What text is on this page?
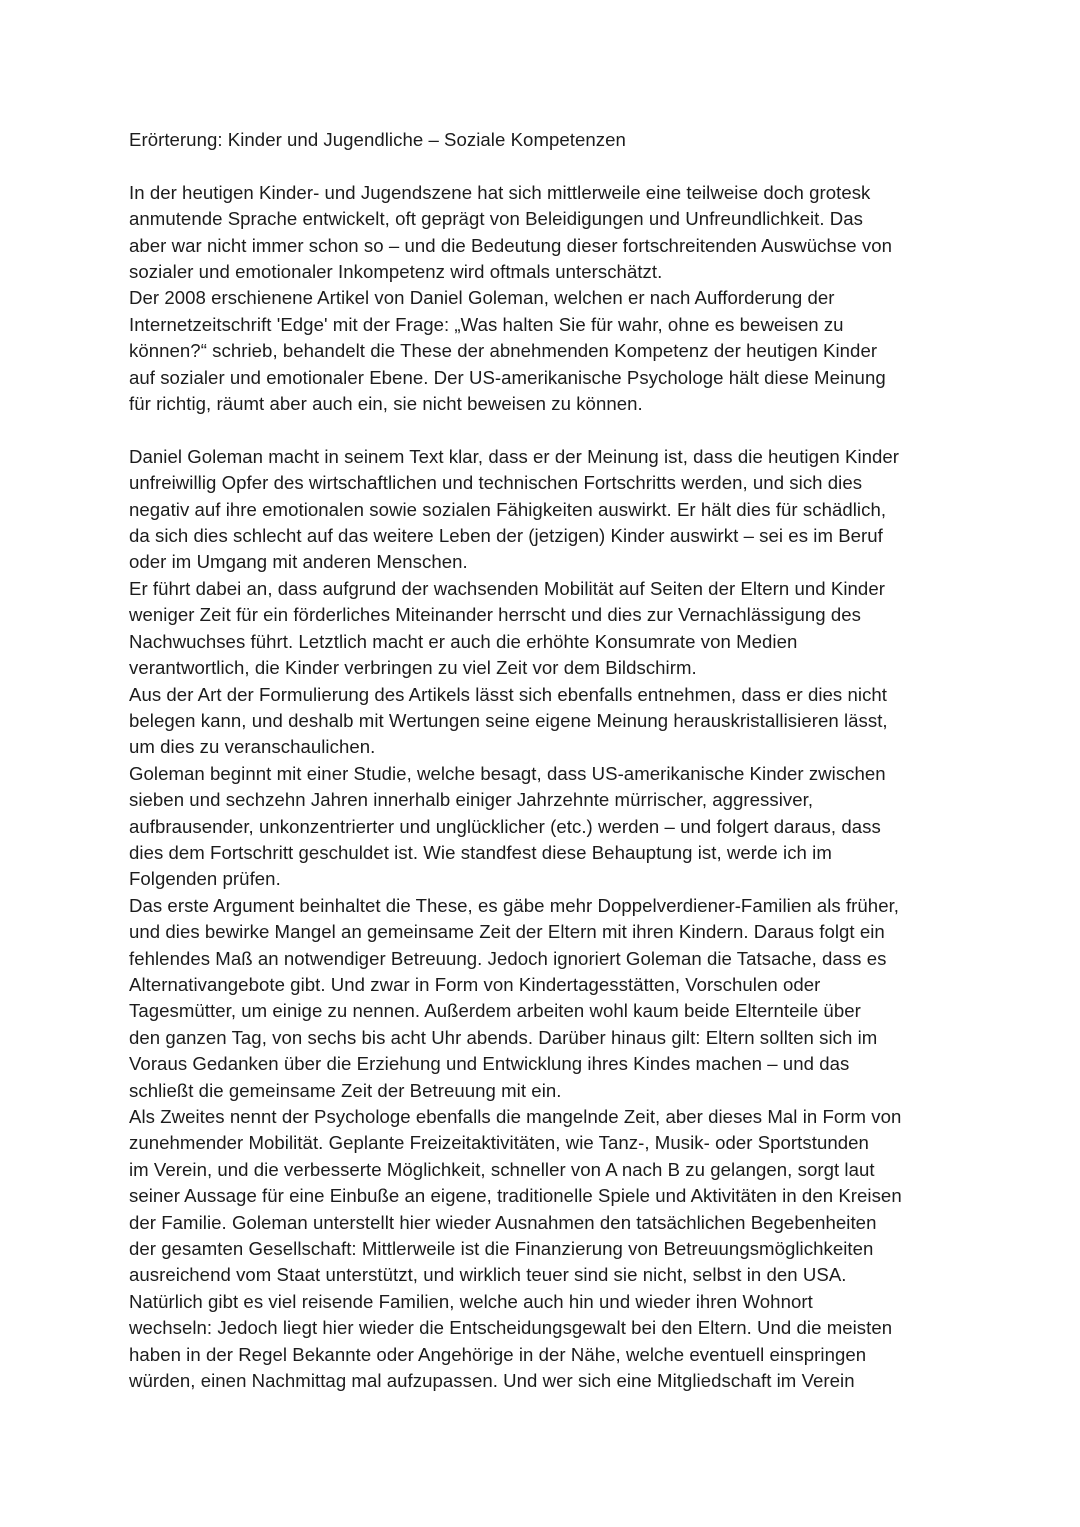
Erörterung: Kinder und Jugendliche – Soziale Kompetenzen
In der heutigen Kinder- und Jugendszene hat sich mittlerweile eine teilweise doch grotesk
anmutende Sprache entwickelt, oft geprägt von Beleidigungen und Unfreundlichkeit. Das
aber war nicht immer schon so – und die Bedeutung dieser fortschreitenden Auswüchse von
sozialer und emotionaler Inkompetenz wird oftmals unterschätzt.
Der 2008 erschienene Artikel von Daniel Goleman, welchen er nach Aufforderung der
Internetzeitschrift 'Edge' mit der Frage: „Was halten Sie für wahr, ohne es beweisen zu
können?“ schrieb, behandelt die These der abnehmenden Kompetenz der heutigen Kinder
auf sozialer und emotionaler Ebene. Der US-amerikanische Psychologe hält diese Meinung
für richtig, räumt aber auch ein, sie nicht beweisen zu können.
Daniel Goleman macht in seinem Text klar, dass er der Meinung ist, dass die heutigen Kinder
unfreiwillig Opfer des wirtschaftlichen und technischen Fortschritts werden, und sich dies
negativ auf ihre emotionalen sowie sozialen Fähigkeiten auswirkt. Er hält dies für schädlich,
da sich dies schlecht auf das weitere Leben der (jetzigen) Kinder auswirkt – sei es im Beruf
oder im Umgang mit anderen Menschen.
Er führt dabei an, dass aufgrund der wachsenden Mobilität auf Seiten der Eltern und Kinder
weniger Zeit für ein förderliches Miteinander herrscht und dies zur Vernachlässigung des
Nachwuchses führt. Letztlich macht er auch die erhöhte Konsumrate von Medien
verantwortlich, die Kinder verbringen zu viel Zeit vor dem Bildschirm.
Aus der Art der Formulierung des Artikels lässt sich ebenfalls entnehmen, dass er dies nicht
belegen kann, und deshalb mit Wertungen seine eigene Meinung herauskristallisieren lässt,
um dies zu veranschaulichen.
Goleman beginnt mit einer Studie, welche besagt, dass US-amerikanische Kinder zwischen
sieben und sechzehn Jahren innerhalb einiger Jahrzehnte mürrischer, aggressiver,
aufbrausender, unkonzentrierter und unglücklicher (etc.) werden – und folgert daraus, dass
dies dem Fortschritt geschuldet ist. Wie standfest diese Behauptung ist, werde ich im
Folgenden prüfen.
Das erste Argument beinhaltet die These, es gäbe mehr Doppelverdiener-Familien als früher,
und dies bewirke Mangel an gemeinsame Zeit der Eltern mit ihren Kindern. Daraus folgt ein
fehlendes Maß an notwendiger Betreuung. Jedoch ignoriert Goleman die Tatsache, dass es
Alternativangebote gibt. Und zwar in Form von Kindertagesstätten, Vorschulen oder
Tagesmütter, um einige zu nennen. Außerdem arbeiten wohl kaum beide Elternteile über
den ganzen Tag, von sechs bis acht Uhr abends. Darüber hinaus gilt: Eltern sollten sich im
Voraus Gedanken über die Erziehung und Entwicklung ihres Kindes machen – und das
schließt die gemeinsame Zeit der Betreuung mit ein.
Als Zweites nennt der Psychologe ebenfalls die mangelnde Zeit, aber dieses Mal in Form von
zunehmender Mobilität. Geplante Freizeitaktivitäten, wie Tanz-, Musik- oder Sportstunden
im Verein, und die verbesserte Möglichkeit, schneller von A nach B zu gelangen, sorgt laut
seiner Aussage für eine Einbuße an eigene, traditionelle Spiele und Aktivitäten in den Kreisen
der Familie. Goleman unterstellt hier wieder Ausnahmen den tatsächlichen Begebenheiten
der gesamten Gesellschaft: Mittlerweile ist die Finanzierung von Betreuungsmöglichkeiten
ausreichend vom Staat unterstützt, und wirklich teuer sind sie nicht, selbst in den USA.
Natürlich gibt es viel reisende Familien, welche auch hin und wieder ihren Wohnort
wechseln: Jedoch liegt hier wieder die Entscheidungsgewalt bei den Eltern. Und die meisten
haben in der Regel Bekannte oder Angehörige in der Nähe, welche eventuell einspringen
würden, einen Nachmittag mal aufzupassen. Und wer sich eine Mitgliedschaft im Verein
